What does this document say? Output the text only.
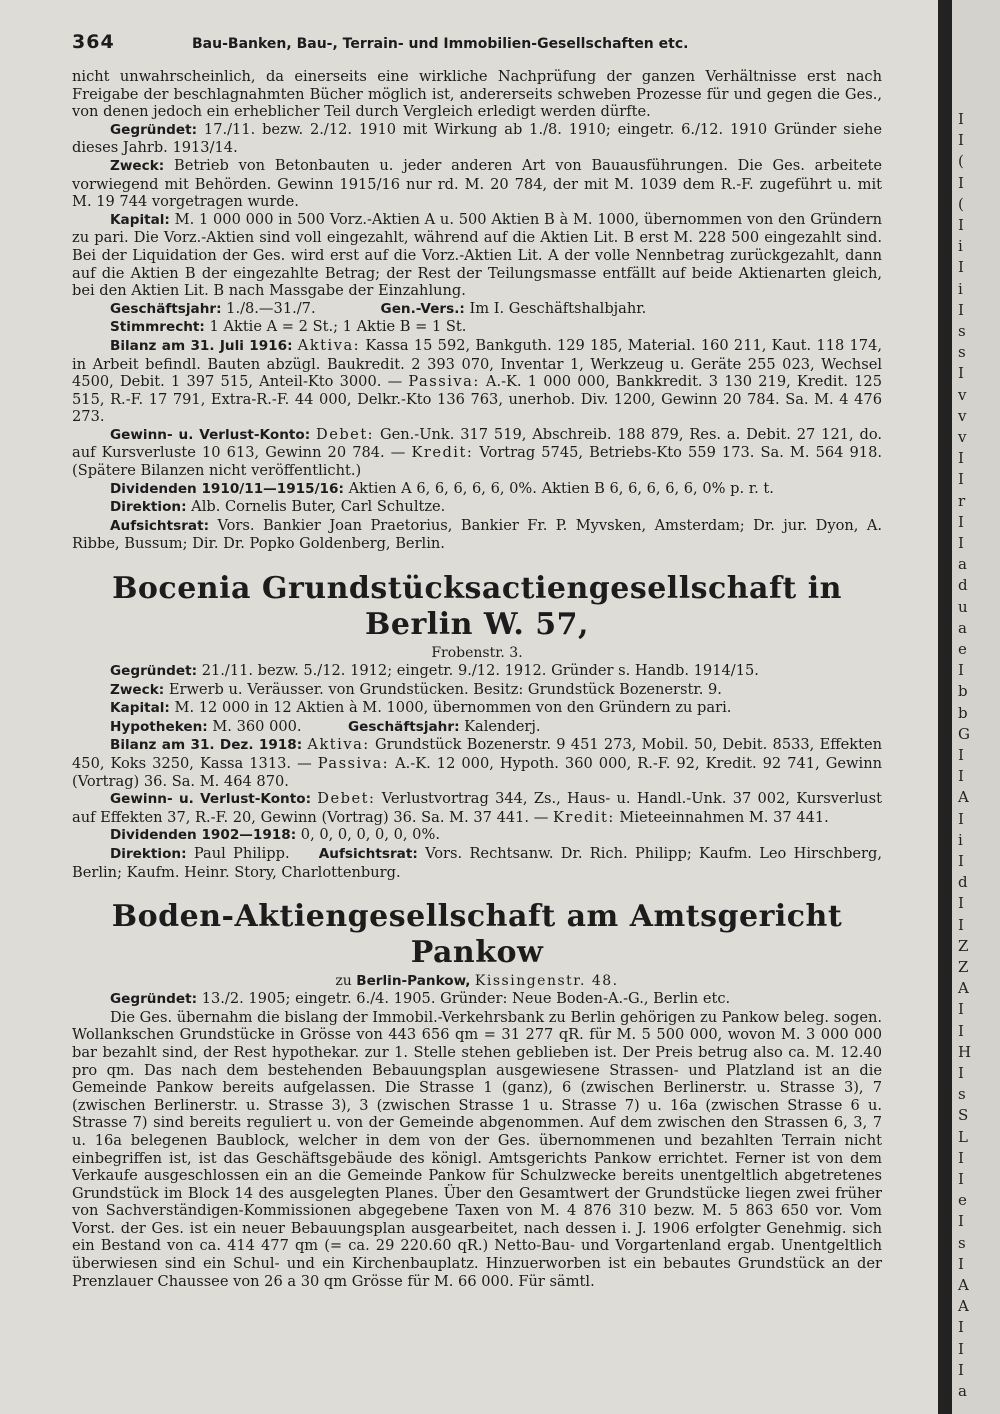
364	Bau-Banken, Bau-, Terrain- und Immobilien-Gesellschaften etc.

nicht unwahrscheinlich, da einerseits eine wirkliche Nachprüfung der ganzen Verhältnisse erst nach Freigabe der beschlagnahmten Bücher möglich ist, andererseits schweben Prozesse für und gegen die Ges., von denen jedoch ein erheblicher Teil durch Vergleich erledigt werden dürfte.

Gegründet: 17./11. bezw. 2./12. 1910 mit Wirkung ab 1./8. 1910; eingetr. 6./12. 1910 Gründer siehe dieses Jahrb. 1913/14.

Zweck: Betrieb von Betonbauten u. jeder anderen Art von Bauausführungen. Die Ges. arbeitete vorwiegend mit Behörden. Gewinn 1915/16 nur rd. M. 20 784, der mit M. 1039 dem R.-F. zugeführt u. mit M. 19 744 vorgetragen wurde.

Kapital: M. 1 000 000 in 500 Vorz.-Aktien A u. 500 Aktien B à M. 1000, übernommen von den Gründern zu pari. Die Vorz.-Aktien sind voll eingezahlt, während auf die Aktien Lit. B erst M. 228 500 eingezahlt sind. Bei der Liquidation der Ges. wird erst auf die Vorz.-Aktien Lit. A der volle Nennbetrag zurückgezahlt, dann auf die Aktien B der eingezahlte Betrag; der Rest der Teilungsmasse entfällt auf beide Aktienarten gleich, bei den Aktien Lit. B nach Massgabe der Einzahlung.

Geschäftsjahr: 1./8.—31./7.	Gen.-Vers.: Im I. Geschäftshalbjahr.

Stimmrecht: 1 Aktie A = 2 St.; 1 Aktie B = 1 St.

Bilanz am 31. Juli 1916: Aktiva: Kassa 15 592, Bankguth. 129 185, Material. 160 211, Kaut. 118 174, in Arbeit befindl. Bauten abzügl. Baukredit. 2 393 070, Inventar 1, Werkzeug u. Geräte 255 023, Wechsel 4500, Debit. 1 397 515, Anteil-Kto 3000. — Passiva: A.-K. 1 000 000, Bankkredit. 3 130 219, Kredit. 125 515, R.-F. 17 791, Extra-R.-F. 44 000, Delkr.-Kto 136 763, unerhob. Div. 1200, Gewinn 20 784. Sa. M. 4 476 273.

Gewinn- u. Verlust-Konto: Debet: Gen.-Unk. 317 519, Abschreib. 188 879, Res. a. Debit. 27 121, do. auf Kursverluste 10 613, Gewinn 20 784. — Kredit: Vortrag 5745, Betriebs-Kto 559 173. Sa. M. 564 918. (Spätere Bilanzen nicht veröffentlicht.)

Dividenden 1910/11—1915/16: Aktien A 6, 6, 6, 6, 6, 0%. Aktien B 6, 6, 6, 6, 6, 0% p. r. t.

Direktion: Alb. Cornelis Buter, Carl Schultze.

Aufsichtsrat: Vors. Bankier Joan Praetorius, Bankier Fr. P. Myvsken, Amsterdam; Dr. jur. Dyon, A. Ribbe, Bussum; Dir. Dr. Popko Goldenberg, Berlin.

Bocenia Grundstücksactiengesellschaft in Berlin W. 57,
Frobenstr. 3.

Gegründet: 21./11. bezw. 5./12. 1912; eingetr. 9./12. 1912. Gründer s. Handb. 1914/15.

Zweck: Erwerb u. Veräusser. von Grundstücken. Besitz: Grundstück Bozenerstr. 9.

Kapital: M. 12 000 in 12 Aktien à M. 1000, übernommen von den Gründern zu pari.

Hypotheken: M. 360 000.	Geschäftsjahr: Kalenderj.

Bilanz am 31. Dez. 1918: Aktiva: Grundstück Bozenerstr. 9 451 273, Mobil. 50, Debit. 8533, Effekten 450, Koks 3250, Kassa 1313. — Passiva: A.-K. 12 000, Hypoth. 360 000, R.-F. 92, Kredit. 92 741, Gewinn (Vortrag) 36. Sa. M. 464 870.

Gewinn- u. Verlust-Konto: Debet: Verlustvortrag 344, Zs., Haus- u. Handl.-Unk. 37 002, Kursverlust auf Effekten 37, R.-F. 20, Gewinn (Vortrag) 36. Sa. M. 37 441. — Kredit: Mieteeinnahmen M. 37 441.

Dividenden 1902—1918: 0, 0, 0, 0, 0, 0, 0%.

Direktion: Paul Philipp. Aufsichtsrat: Vors. Rechtsanw. Dr. Rich. Philipp; Kaufm. Leo Hirschberg, Berlin; Kaufm. Heinr. Story, Charlottenburg.

Boden-Aktiengesellschaft am Amtsgericht Pankow
zu Berlin-Pankow, Kissingenstr. 48.

Gegründet: 13./2. 1905; eingetr. 6./4. 1905. Gründer: Neue Boden-A.-G., Berlin etc.

Die Ges. übernahm die bislang der Immobil.-Verkehrsbank zu Berlin gehörigen zu Pankow beleg. sogen. Wollankschen Grundstücke in Grösse von 443 656 qm = 31 277 qR. für M. 5 500 000, wovon M. 3 000 000 bar bezahlt sind, der Rest hypothekar. zur 1. Stelle stehen geblieben ist. Der Preis betrug also ca. M. 12.40 pro qm. Das nach dem bestehenden Bebauungsplan ausgewiesene Strassen- und Platzland ist an die Gemeinde Pankow bereits aufgelassen. Die Strasse 1 (ganz), 6 (zwischen Berlinerstr. u. Strasse 3), 7 (zwischen Berlinerstr. u. Strasse 3), 3 (zwischen Strasse 1 u. Strasse 7) u. 16a (zwischen Strasse 6 u. Strasse 7) sind bereits reguliert u. von der Gemeinde abgenommen. Auf dem zwischen den Strassen 6, 3, 7 u. 16a belegenen Baublock, welcher in dem von der Ges. übernommenen und bezahlten Terrain nicht einbegriffen ist, ist das Geschäftsgebäude des königl. Amtsgerichts Pankow errichtet. Ferner ist von dem Verkaufe ausgeschlossen ein an die Gemeinde Pankow für Schulzwecke bereits unentgeltlich abgetretenes Grundstück im Block 14 des ausgelegten Planes. Über den Gesamtwert der Grundstücke liegen zwei früher von Sachverständigen-Kommissionen abgegebene Taxen von M. 4 876 310 bezw. M. 5 863 650 vor. Vom Vorst. der Ges. ist ein neuer Bebauungsplan ausgearbeitet, nach dessen i. J. 1906 erfolgter Genehmig. sich ein Bestand von ca. 414 477 qm (= ca. 29 220.60 qR.) Netto-Bau- und Vorgartenland ergab. Unentgeltlich überwiesen sind ein Schul- und ein Kirchenbauplatz. Hinzuerworben ist ein bebautes Grundstück an der Prenzlauer Chaussee von 26 a 30 qm Grösse für M. 66 000. Für sämtl.

I
I
(
I
(
I
i
I
i
I
s
s
I
v
v
v
I
I
r
I
I
a
d
u
a
e
I
b
b
G
I
I
A
I
i
I
d
I
I
Z
Z
A
I
I
H
I
s
S
L
I
I
e
I
s
I
A
A
I
I
I
a
